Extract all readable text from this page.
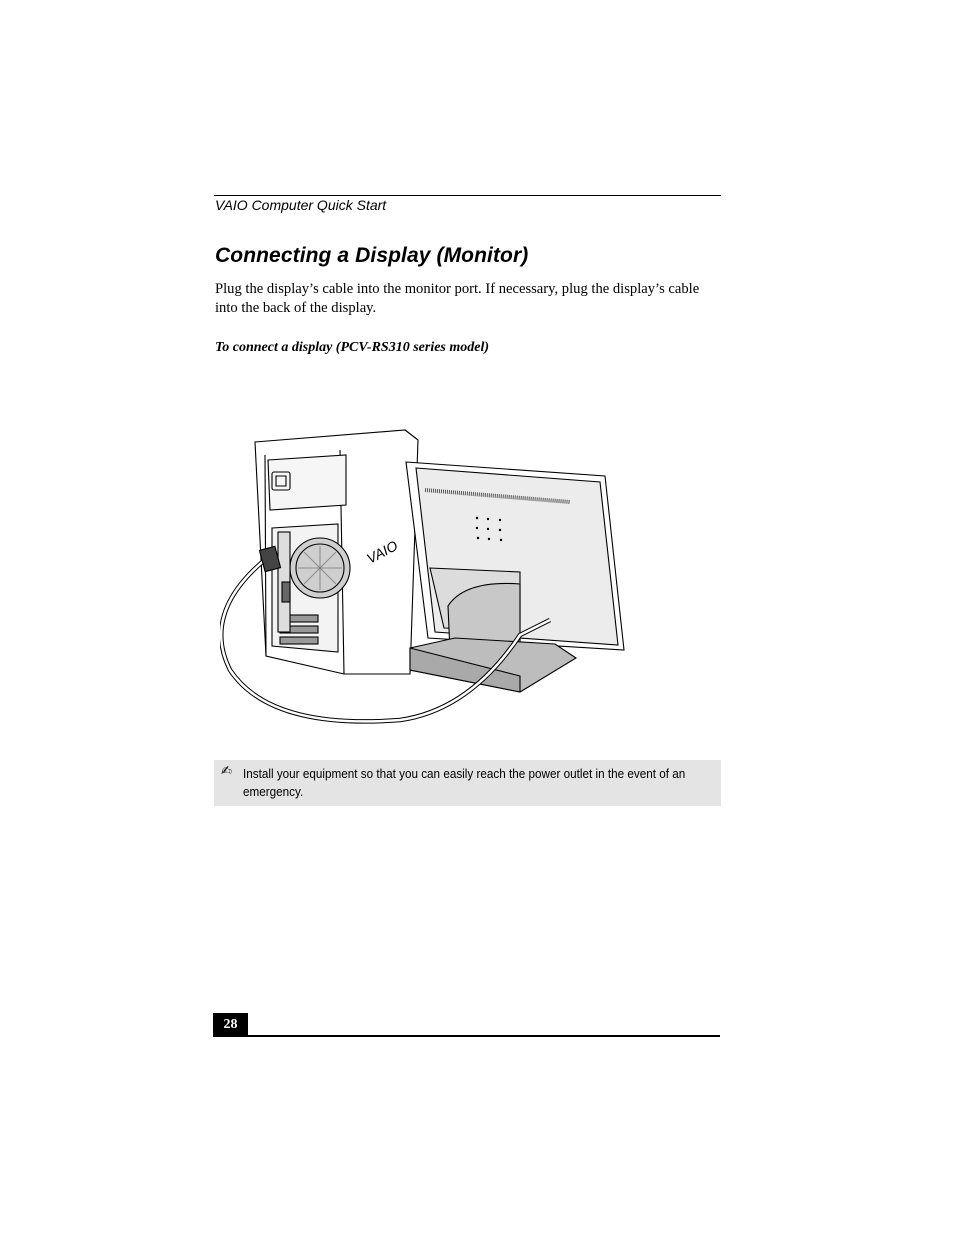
VAIO Computer Quick Start
Connecting a Display (Monitor)

Plug the display’s cable into the monitor port. If necessary, plug the display’s cable into the back of the display.

To connect a display (PCV-RS310 series model)

VAIO
✍ Install your equipment so that you can easily reach the power outlet in the event of an emergency.
28
